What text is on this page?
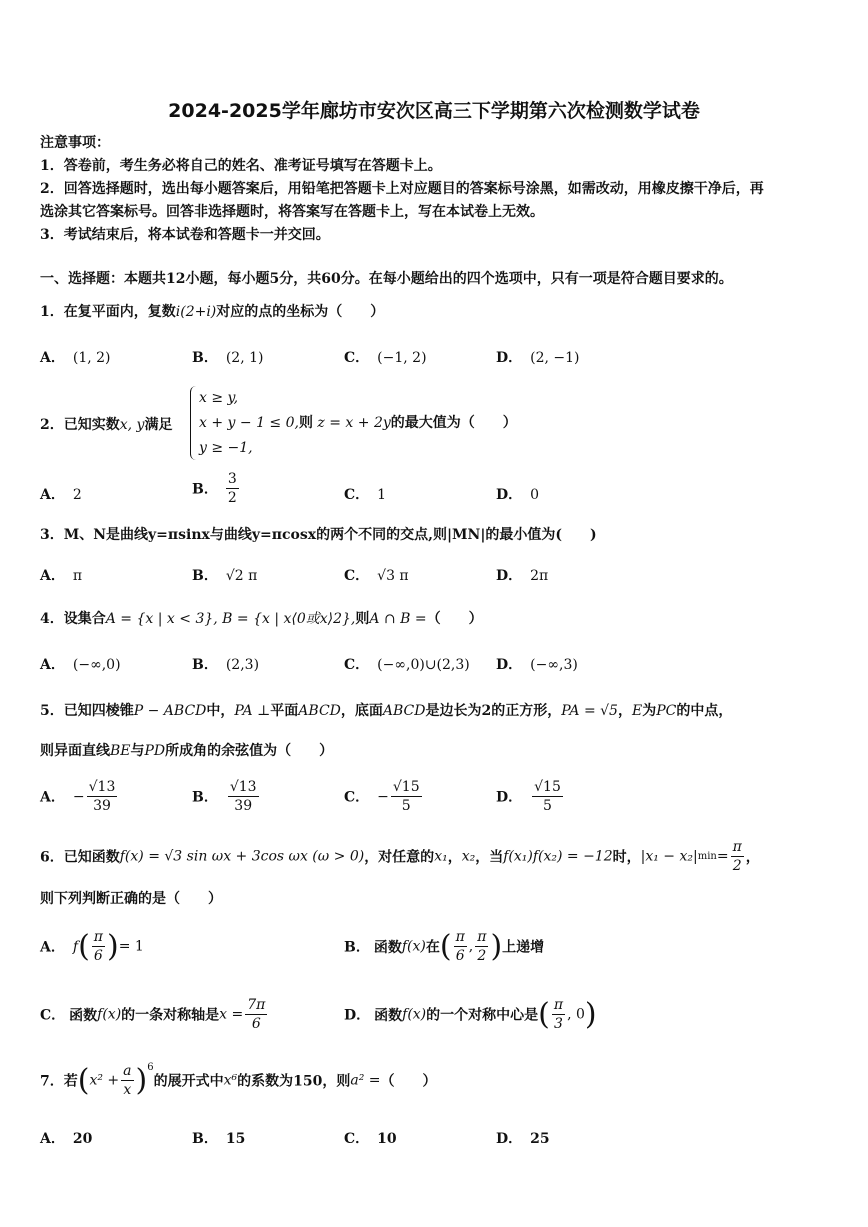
2024-2025学年廊坊市安次区高三下学期第六次检测数学试卷
注意事项：
1．答卷前，考生务必将自己的姓名、准考证号填写在答题卡上。
2．回答选择题时，选出每小题答案后，用铅笔把答题卡上对应题目的答案标号涂黑，如需改动，用橡皮擦干净后，再
选涂其它答案标号。回答非选择题时，将答案写在答题卡上，写在本试卷上无效。
3．考试结束后，将本试卷和答题卡一并交回。
一、选择题：本题共12小题，每小题5分，共60分。在每小题给出的四个选项中，只有一项是符合题目要求的。
1．在复平面内，复数i(2+i)对应的点的坐标为（　　）
A． (1, 2)	B． (2, 1)	C． (−1, 2)	D． (2, −1)
2．已知实数x, y满足
x ≥ y,
x + y − 1 ≤ 0,则 z = x + 2y的最大值为（　　）
y ≥ −1,
A． 2	B． $\frac{3}{2}$	C． 1	D． 0
3．M、N是曲线y=πsinx与曲线y=πcosx的两个不同的交点,则|MN|的最小值为(　　)
A． π	B． √2 π	C． √3 π	D． 2π
4．设集合A = {x | x < 3}, B = {x | x⟨0或x⟩2},则A ∩ B =（　　）
A． (−∞,0)	B． (2,3)	C． (−∞,0)∪(2,3) D． (−∞,3)
5．已知四棱锥P − ABCD中，PA ⊥平面ABCD，底面ABCD是边长为2的正方形，PA = √5，E为PC的中点，
则异面直线BE与PD所成角的余弦值为（　　）
A． − $\frac{√13}{39}$	B． $\frac{√13}{39}$	C． − $\frac{√15}{5}$	D． $\frac{√15}{5}$
6．已知函数f(x) = √3 sin ωx + 3cos ωx (ω > 0)，对任意的x₁，x₂，当f(x₁)f(x₂) = −12时，$|x_1 - x_2|\min= \frac{\pi}{2}$ ，
则下列判断正确的是（　　）
A． $f( \frac{\pi}{6}$ )= 1	B． 函数f(x)在( $\frac{\pi}{6}$ , $\frac{\pi}{2}$ )上递增
C． 函数f(x)的一条对称轴是$x = \frac{7\pi}{6}$	D． 函数f(x)的一个对称中心是( $\frac{\pi}{3}$ , 0)
7．若$(x^2 + \frac{a}{x} )^6$的展开式中x⁶的系数为150，则a² =（　　）
A． 20	B． 15	C． 10	D． 25
